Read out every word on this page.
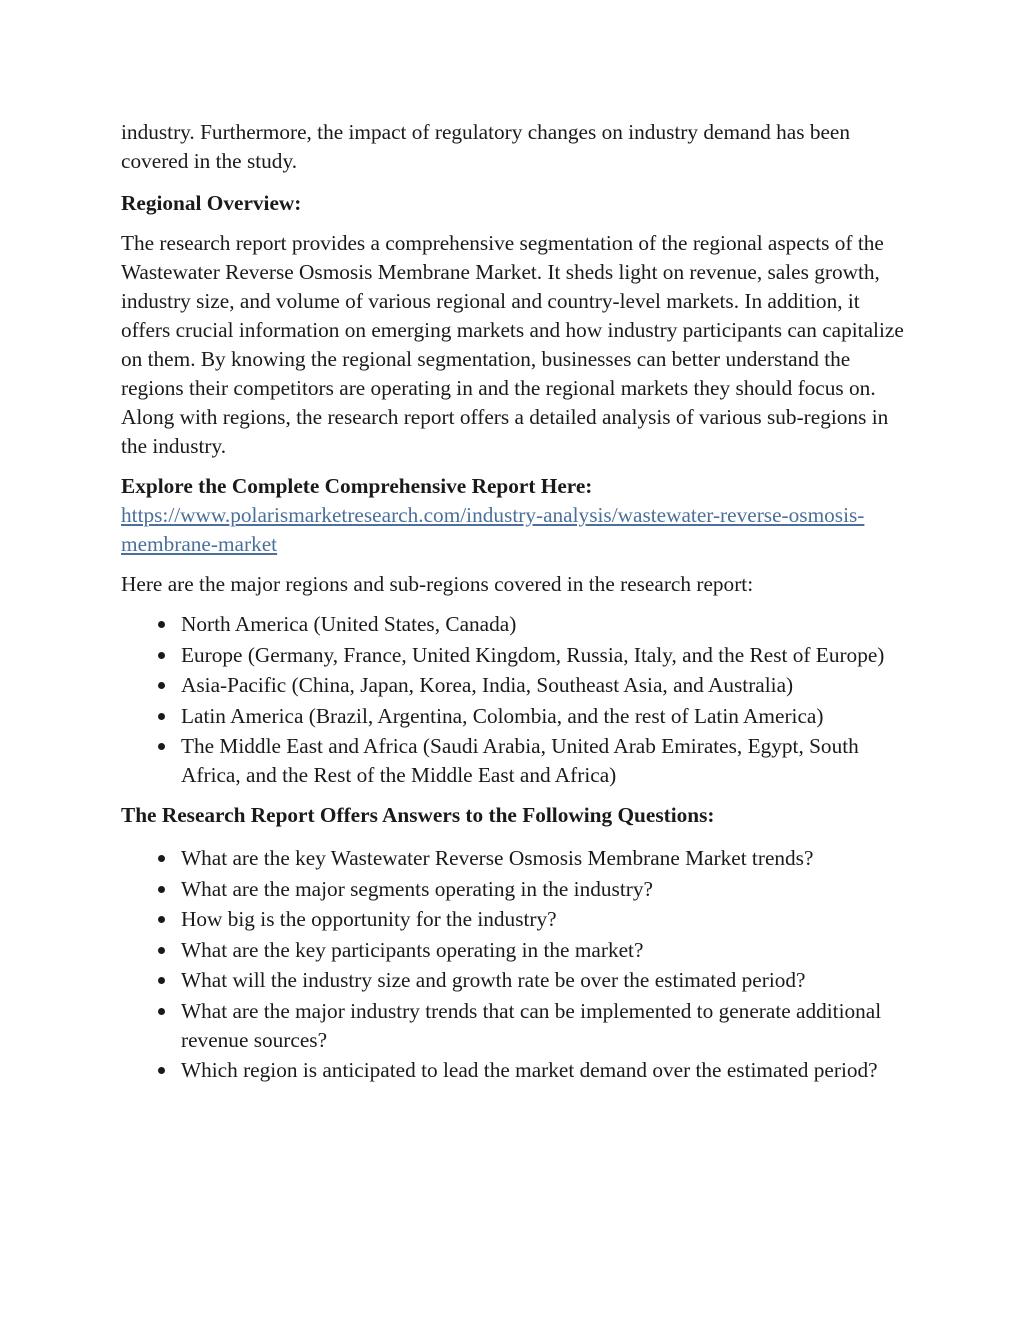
industry. Furthermore, the impact of regulatory changes on industry demand has been covered in the study.

Regional Overview:

The research report provides a comprehensive segmentation of the regional aspects of the Wastewater Reverse Osmosis Membrane Market. It sheds light on revenue, sales growth, industry size, and volume of various regional and country-level markets. In addition, it offers crucial information on emerging markets and how industry participants can capitalize on them. By knowing the regional segmentation, businesses can better understand the regions their competitors are operating in and the regional markets they should focus on. Along with regions, the research report offers a detailed analysis of various sub-regions in the industry.

Explore the Complete Comprehensive Report Here:

https://www.polarismarketresearch.com/industry-analysis/wastewater-reverse-osmosis-membrane-market

Here are the major regions and sub-regions covered in the research report:

North America (United States, Canada)
Europe (Germany, France, United Kingdom, Russia, Italy, and the Rest of Europe)
Asia-Pacific (China, Japan, Korea, India, Southeast Asia, and Australia)
Latin America (Brazil, Argentina, Colombia, and the rest of Latin America)
The Middle East and Africa (Saudi Arabia, United Arab Emirates, Egypt, South Africa, and the Rest of the Middle East and Africa)

The Research Report Offers Answers to the Following Questions:

What are the key Wastewater Reverse Osmosis Membrane Market trends?
What are the major segments operating in the industry?
How big is the opportunity for the industry?
What are the key participants operating in the market?
What will the industry size and growth rate be over the estimated period?
What are the major industry trends that can be implemented to generate additional revenue sources?
Which region is anticipated to lead the market demand over the estimated period?
